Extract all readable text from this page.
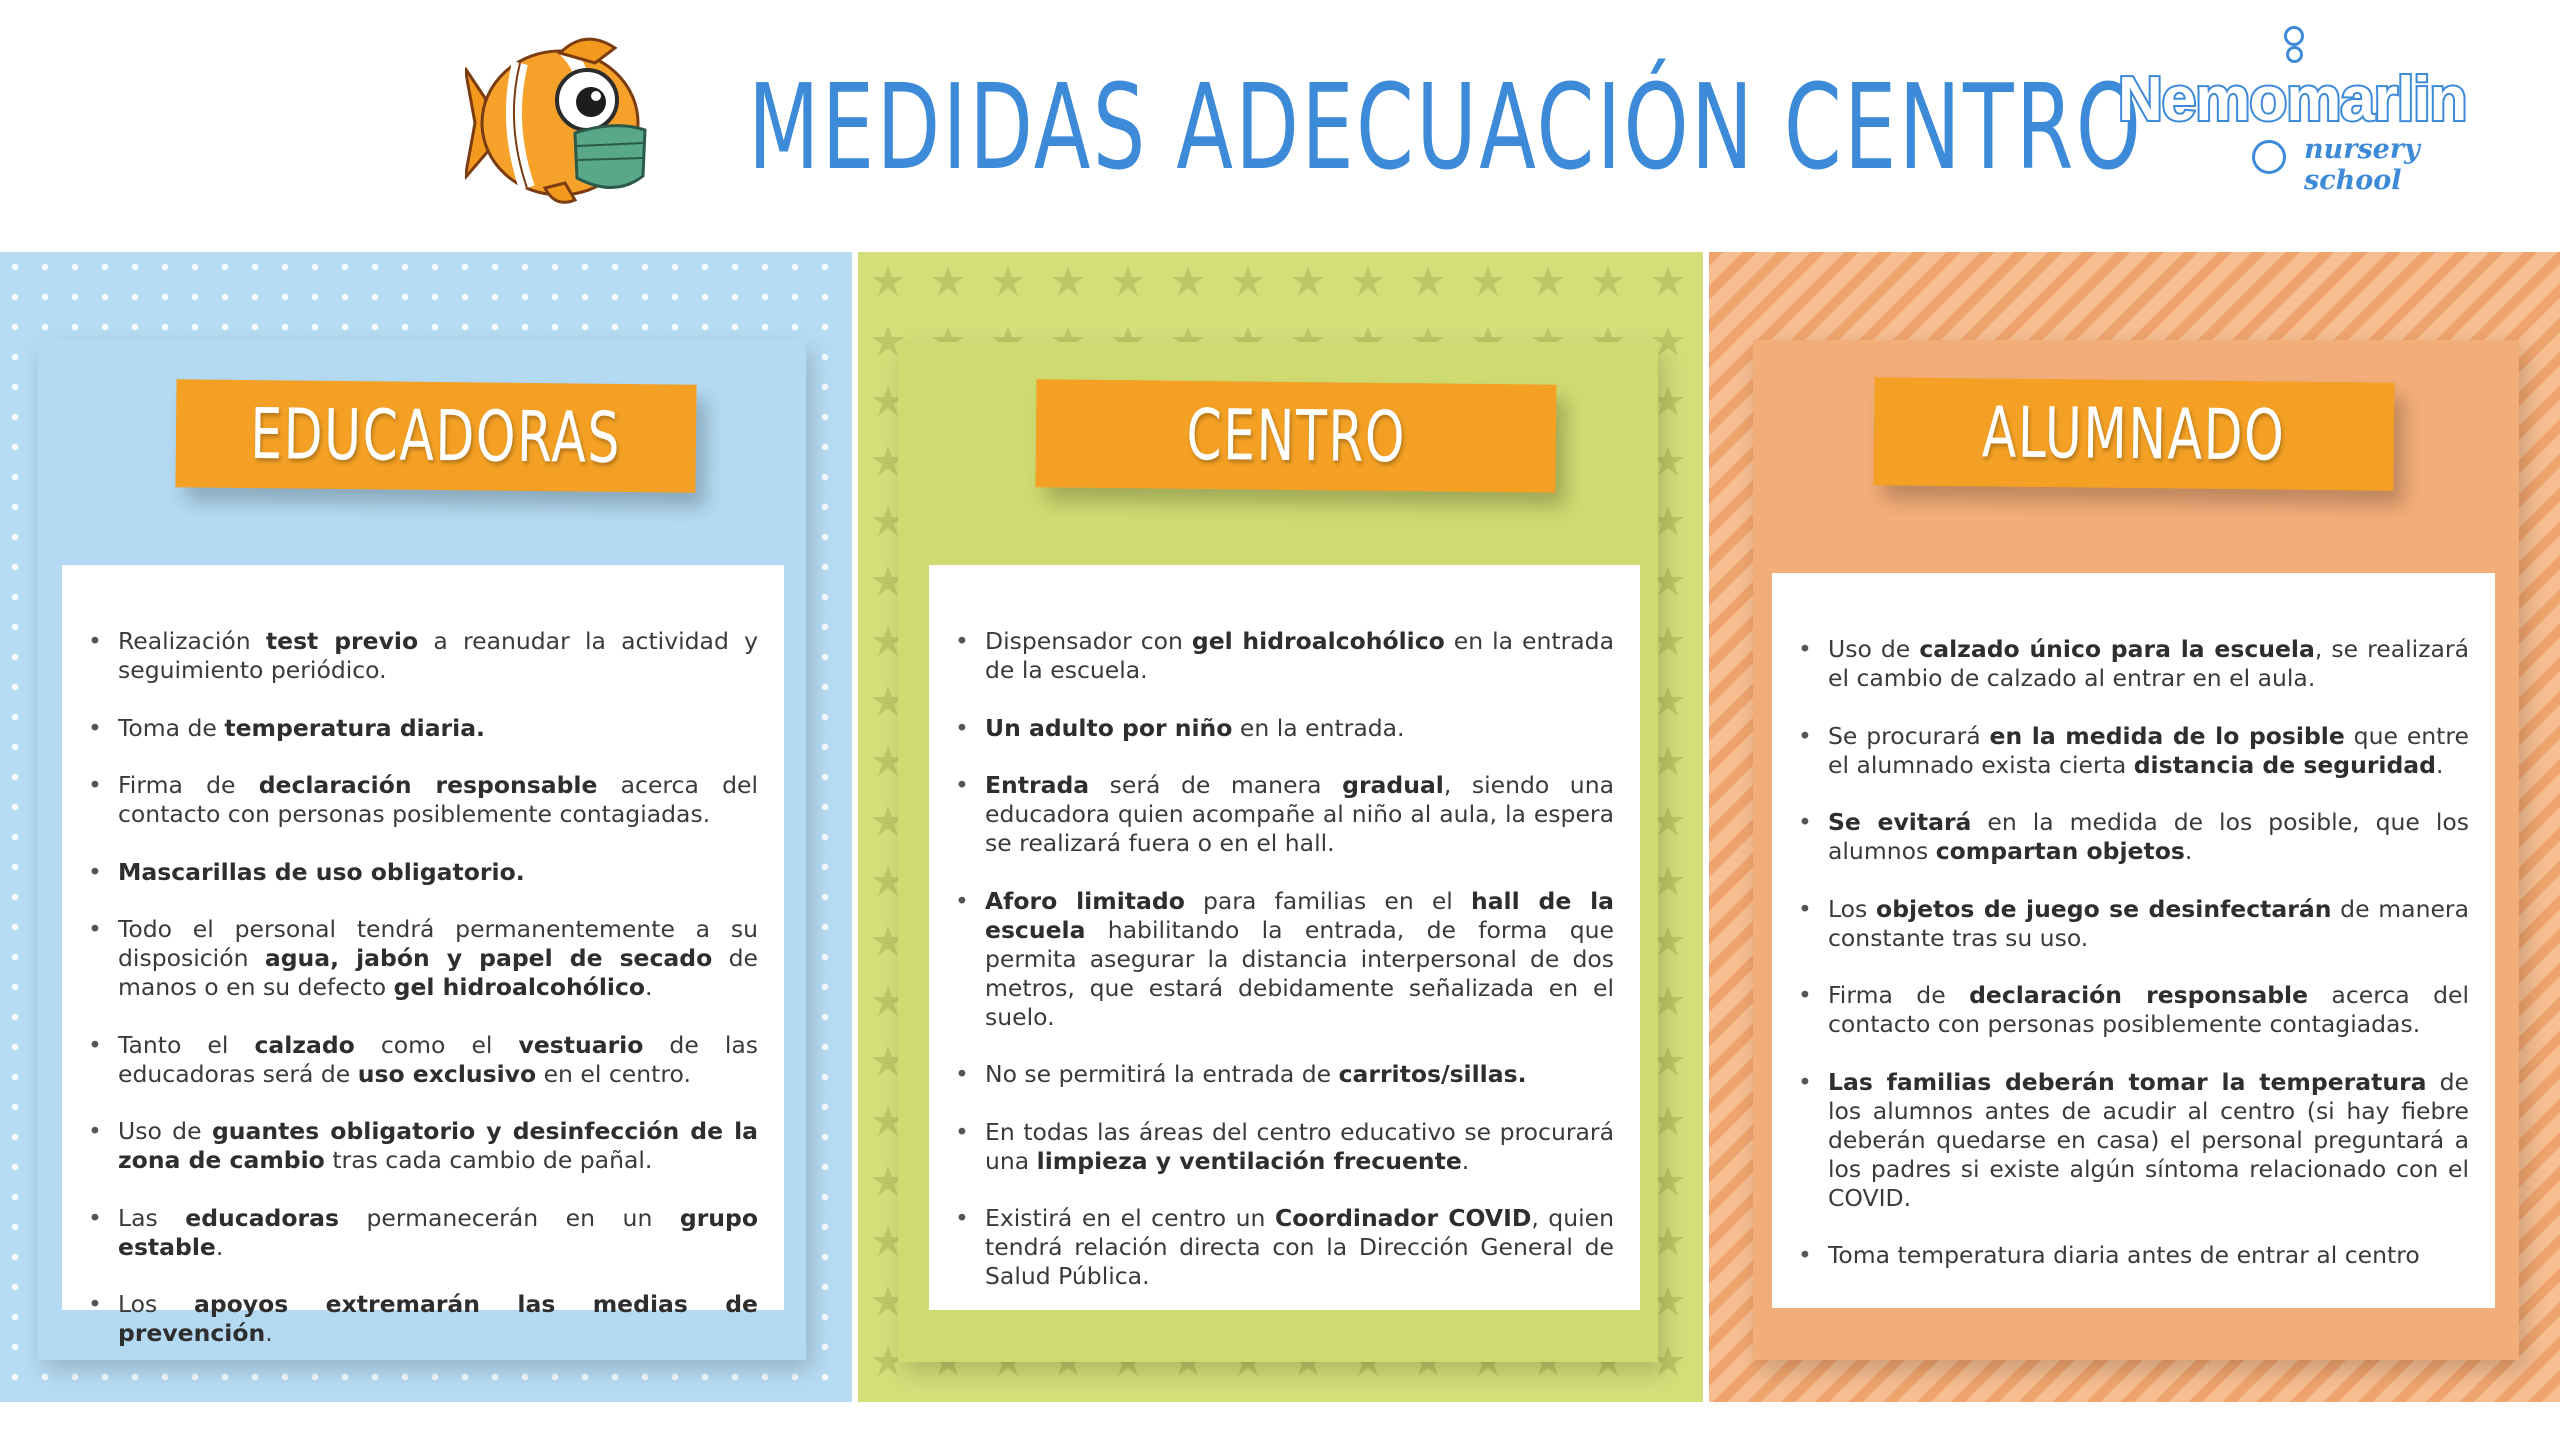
MEDIDAS ADECUACIÓN CENTRO
Nemomarlin
nursery school
EDUCADORAS
• Realización test previo a reanudar la actividad y seguimiento periódico.
• Toma de temperatura diaria.
• Firma de declaración responsable acerca del contacto con personas posiblemente contagiadas.
• Mascarillas de uso obligatorio.
• Todo el personal tendrá permanentemente a su disposición agua, jabón y papel de secado de manos o en su defecto gel hidroalcohólico.
• Tanto el calzado como el vestuario de las educadoras será de uso exclusivo en el centro.
• Uso de guantes obligatorio y desinfección de la zona de cambio tras cada cambio de pañal.
• Las educadoras permanecerán en un grupo estable.
• Los apoyos extremarán las medias de prevención.
CENTRO
• Dispensador con gel hidroalcohólico en la entrada de la escuela.
• Un adulto por niño en la entrada.
• Entrada será de manera gradual, siendo una educadora quien acompañe al niño al aula, la espera se realizará fuera o en el hall.
• Aforo limitado para familias en el hall de la escuela habilitando la entrada, de forma que permita asegurar la distancia interpersonal de dos metros, que estará debidamente señalizada en el suelo.
• No se permitirá la entrada de carritos/sillas.
• En todas las áreas del centro educativo se procurará una limpieza y ventilación frecuente.
• Existirá en el centro un Coordinador COVID, quien tendrá relación directa con la Dirección General de Salud Pública.
ALUMNADO
• Uso de calzado único para la escuela, se realizará el cambio de calzado al entrar en el aula.
• Se procurará en la medida de lo posible que entre el alumnado exista cierta distancia de seguridad.
• Se evitará en la medida de los posible, que los alumnos compartan objetos.
• Los objetos de juego se desinfectarán de manera constante tras su uso.
• Firma de declaración responsable acerca del contacto con personas posiblemente contagiadas.
• Las familias deberán tomar la temperatura de los alumnos antes de acudir al centro (si hay fiebre deberán quedarse en casa) el personal preguntará a los padres si existe algún síntoma relacionado con el COVID.
• Toma temperatura diaria antes de entrar al centro
